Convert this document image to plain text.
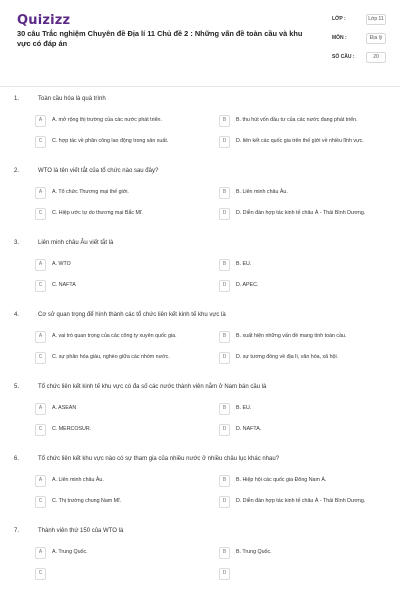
Quizizz
30 câu Trắc nghiệm Chuyên đề Địa lí 11 Chủ đề 2 : Những vấn đề toàn cầu và khu vực có đáp án
LỚP :	Lớp 11
MÔN :	Địa lý
SỐ CÂU :	20
1.	Toàn cầu hóa là quá trình
A	A. mở rộng thị trường của các nước phát triển.	B	B. thu hút vốn đầu tư của các nước đang phát triển.
C	C. hợp tác về phân công lao động trong sản xuất.	D	D. liên kết các quốc gia trên thế giới về nhiều lĩnh vực.
2.	WTO là tên viết tắt của tổ chức nào sau đây?
A	A. Tổ chức Thương mại thế giới.	B	B. Liên minh châu Âu.
C	C. Hiệp ước tự do thương mại Bắc Mĩ.	D	D. Diễn đàn hợp tác kinh tế châu Á - Thái Bình Dương.
3.	Liên minh châu Âu viết tắt là
A	A. WTO	B	B. EU.
C	C. NAFTA	D	D. APEC.
4.	Cơ sở quan trọng để hình thành các tổ chức liên kết kinh tế khu vực là
A	A. vai trò quan trọng của các công ty xuyên quốc gia.	B	B. xuất hiện những vấn đề mang tính toàn cầu.
C	C. sự phân hóa giàu, nghèo giữa các nhóm nước.	D	D. sự tương đồng về địa lí, văn hóa, xã hội.
5.	Tổ chức liên kết kinh tế khu vực có đa số các nước thành viên nằm ở Nam bán cầu là
A	A. ASEAN	B	B. EU.
C	C. MERCOSUR.	D	D. NAFTA.
6.	Tổ chức liên kết khu vực nào có sự tham gia của nhiều nước ở nhiều châu lục khác nhau?
A	A. Liên minh châu Âu.	B	B. Hiệp hội các quốc gia Đông Nam Á.
C	C. Thị trường chung Nam Mĩ.	D	D. Diễn đàn hợp tác kinh tế châu Á - Thái Bình Dương.
7.	Thành viên thứ 150 của WTO là
A	A. Trung Quốc.	B	B. Trung Quốc.
C	D
